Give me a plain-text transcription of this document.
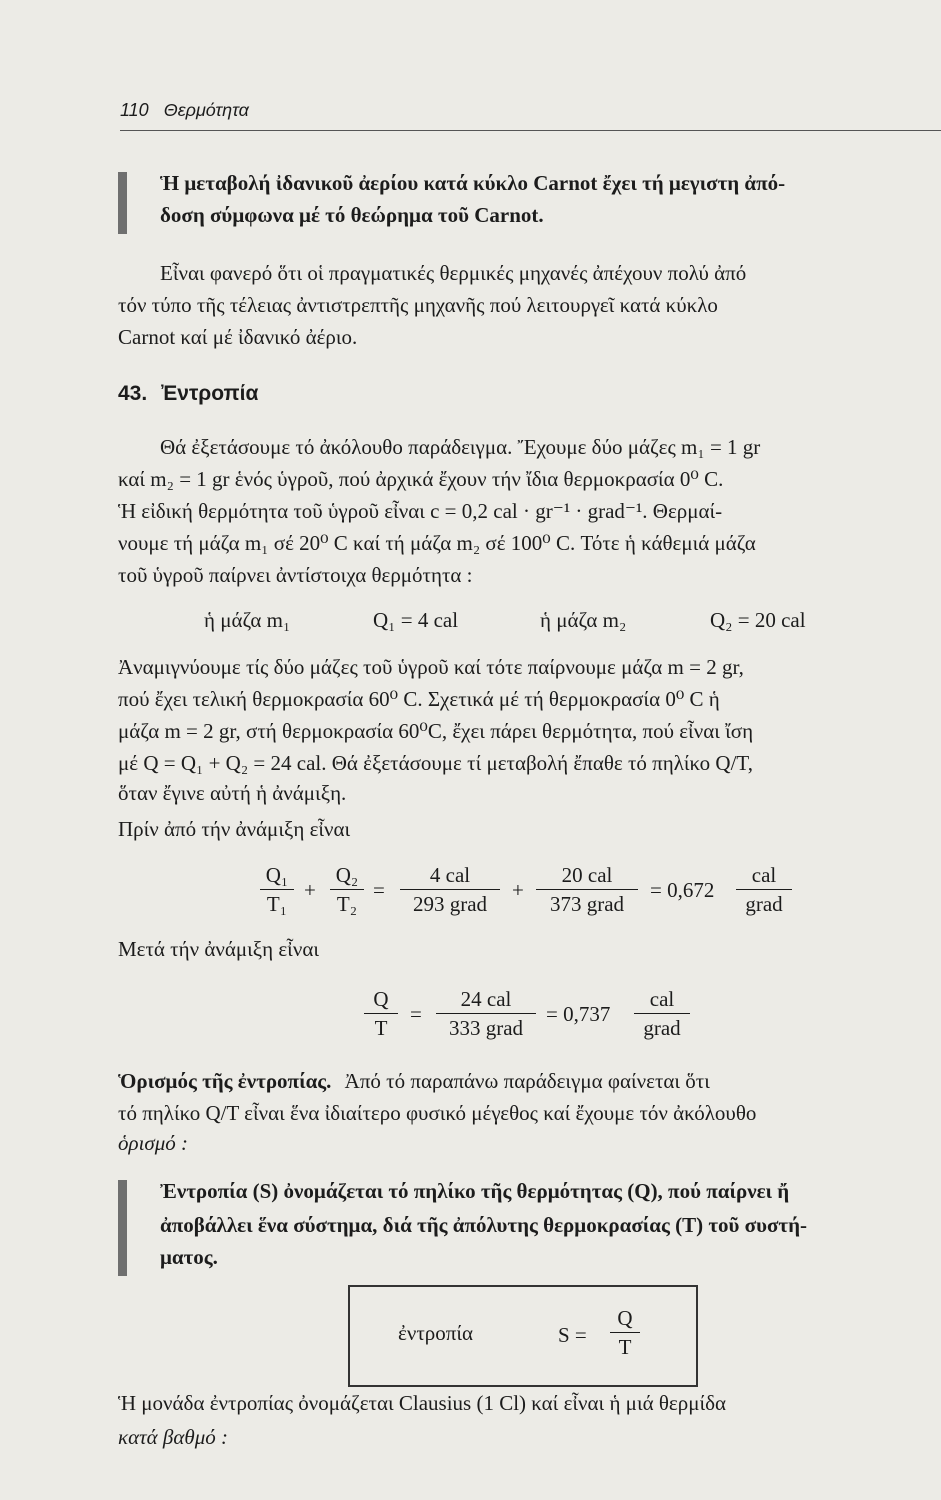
110 Θερμότητα
Ἡ μεταβολή ἰδανικοῦ ἀερίου κατά κύκλο Carnot ἔχει τή μεγιστη ἀπό-
δοση σύμφωνα μέ τό θεώρημα τοῦ Carnot.
Εἶναι φανερό ὅτι οἱ πραγματικές θερμικές μηχανές ἀπέχουν πολύ ἀπό
τόν τύπο τῆς τέλειας ἀντιστρεπτῆς μηχανῆς πού λειτουργεῖ κατά κύκλο
Carnot καί μέ ἰδανικό ἀέριο.
43. Ἐντροπία
Θά ἐξετάσουμε τό ἀκόλουθο παράδειγμα. Ἔχουμε δύο μάζες m₁ = 1 gr
καί m₂ = 1 gr ἑνός ὑγροῦ, πού ἀρχικά ἔχουν τήν ἴδια θερμοκρασία 0⁰ C.
Ἡ εἰδική θερμότητα τοῦ ὑγροῦ εἶναι c = 0,2 cal · gr⁻¹ · grad⁻¹. Θερμαί-
νουμε τή μάζα m₁ σέ 20⁰ C καί τή μάζα m₂ σέ 100⁰ C. Τότε ἡ κάθεμιά μάζα
τοῦ ὑγροῦ παίρνει ἀντίστοιχα θερμότητα :
ἡ μάζα m₁	Q₁ = 4 cal	ἡ μάζα m₂	Q₂ = 20 cal
Ἀναμιγνύουμε τίς δύο μάζες τοῦ ὑγροῦ καί τότε παίρνουμε μάζα m = 2 gr,
πού ἔχει τελική θερμοκρασία 60⁰ C. Σχετικά μέ τή θερμοκρασία 0⁰ C ἡ
μάζα m = 2 gr, στή θερμοκρασία 60⁰C, ἔχει πάρει θερμότητα, πού εἶναι ἴση
μέ Q = Q₁ + Q₂ = 24 cal. Θά ἐξετάσουμε τί μεταβολή ἔπαθε τό πηλίκο Q/T,
ὅταν ἔγινε αὐτή ἡ ἀνάμιξη.
Πρίν ἀπό τήν ἀνάμιξη εἶναι
Q₁
T₁
+
Q₂
T₂
=
4 cal
293 grad
+
20 cal
373 grad
= 0,672
cal
grad
Μετά τήν ἀνάμιξη εἶναι
Q
T
=
24 cal
333 grad
= 0,737
cal
grad
Ὁρισμός τῆς ἐντροπίας. Ἀπό τό παραπάνω παράδειγμα φαίνεται ὅτι
τό πηλίκο Q/T εἶναι ἕνα ἰδιαίτερο φυσικό μέγεθος καί ἔχουμε τόν ἀκόλουθο
ὁρισμό :
Ἐντροπία (S) ὀνομάζεται τό πηλίκο τῆς θερμότητας (Q), πού παίρνει ἤ
ἀποβάλλει ἕνα σύστημα, διά τῆς ἀπόλυτης θερμοκρασίας (T) τοῦ συστή-
ματος.
ἐντροπία	S =
Q
T
Ἡ μονάδα ἐντροπίας ὀνομάζεται Clausius (1 Cl) καί εἶναι ἡ μιά θερμίδα
κατά βαθμό :
